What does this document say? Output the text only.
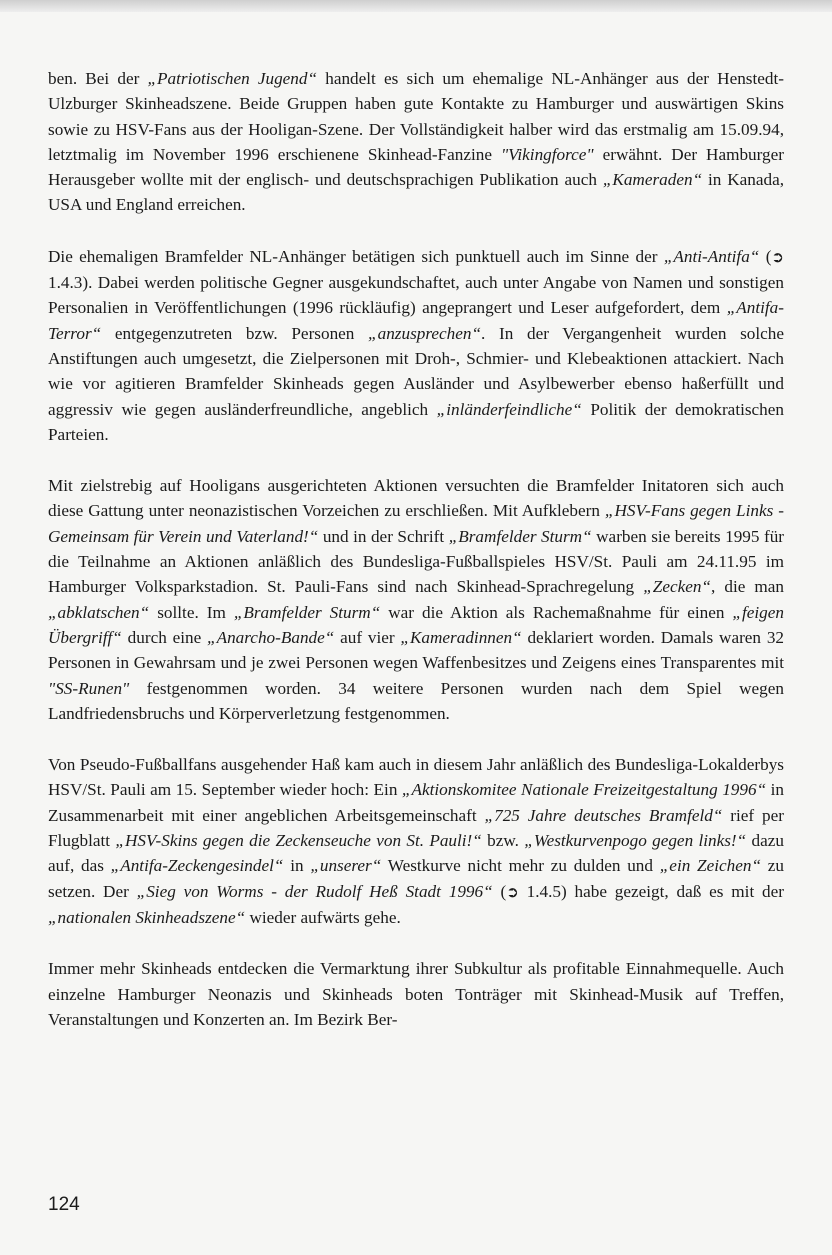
ben. Bei der „Patriotischen Jugend“ handelt es sich um ehemalige NL-Anhänger aus der Henstedt-Ulzburger Skinheadszene. Beide Gruppen haben gute Kontakte zu Hamburger und auswärtigen Skins sowie zu HSV-Fans aus der Hooligan-Szene. Der Vollständigkeit halber wird das erstmalig am 15.09.94, letztmalig im November 1996 erschienene Skinhead-Fanzine "Vikingforce" erwähnt. Der Hamburger Herausgeber wollte mit der englisch- und deutschsprachigen Publikation auch „Kameraden“ in Kanada, USA und England erreichen.

Die ehemaligen Bramfelder NL-Anhänger betätigen sich punktuell auch im Sinne der „Anti-Antifa“ (➲ 1.4.3). Dabei werden politische Gegner ausgekundschaftet, auch unter Angabe von Namen und sonstigen Personalien in Veröffentlichungen (1996 rückläufig) angeprangert und Leser aufgefordert, dem „Antifa-Terror“ entgegenzutreten bzw. Personen „anzusprechen“. In der Vergangenheit wurden solche Anstiftungen auch umgesetzt, die Zielpersonen mit Droh-, Schmier- und Klebeaktionen attackiert. Nach wie vor agitieren Bramfelder Skinheads gegen Ausländer und Asylbewerber ebenso haßerfüllt und aggressiv wie gegen ausländerfreundliche, angeblich „inländerfeindliche“ Politik der demokratischen Parteien.

Mit zielstrebig auf Hooligans ausgerichteten Aktionen versuchten die Bramfelder Initatoren sich auch diese Gattung unter neonazistischen Vorzeichen zu erschließen. Mit Aufklebern „HSV-Fans gegen Links - Gemeinsam für Verein und Vaterland!“ und in der Schrift „Bramfelder Sturm“ warben sie bereits 1995 für die Teilnahme an Aktionen anläßlich des Bundesliga-Fußballspieles HSV/St. Pauli am 24.11.95 im Hamburger Volksparkstadion. St. Pauli-Fans sind nach Skinhead-Sprachregelung „Zecken“, die man „abklatschen“ sollte. Im „Bramfelder Sturm“ war die Aktion als Rachemaßnahme für einen „feigen Übergriff“ durch eine „Anarcho-Bande“ auf vier „Kameradinnen“ deklariert worden. Damals waren 32 Personen in Gewahrsam und je zwei Personen wegen Waffenbesitzes und Zeigens eines Transparentes mit "SS-Runen" festgenommen worden. 34 weitere Personen wurden nach dem Spiel wegen Landfriedensbruchs und Körperverletzung festgenommen.

Von Pseudo-Fußballfans ausgehender Haß kam auch in diesem Jahr anläßlich des Bundesliga-Lokalderbys HSV/St. Pauli am 15. September wieder hoch: Ein „Aktionskomitee Nationale Freizeitgestaltung 1996“ in Zusammenarbeit mit einer angeblichen Arbeitsgemeinschaft „725 Jahre deutsches Bramfeld“ rief per Flugblatt „HSV-Skins gegen die Zeckenseuche von St. Pauli!“ bzw. „Westkurvenpogo gegen links!“ dazu auf, das „Antifa-Zeckengesindel“ in „unserer“ Westkurve nicht mehr zu dulden und „ein Zeichen“ zu setzen. Der „Sieg von Worms - der Rudolf Heß Stadt 1996“ (➲ 1.4.5) habe gezeigt, daß es mit der „nationalen Skinheadszene“ wieder aufwärts gehe.

Immer mehr Skinheads entdecken die Vermarktung ihrer Subkultur als profitable Einnahmequelle. Auch einzelne Hamburger Neonazis und Skinheads boten Tonträger mit Skinhead-Musik auf Treffen, Veranstaltungen und Konzerten an. Im Bezirk Ber-

124
